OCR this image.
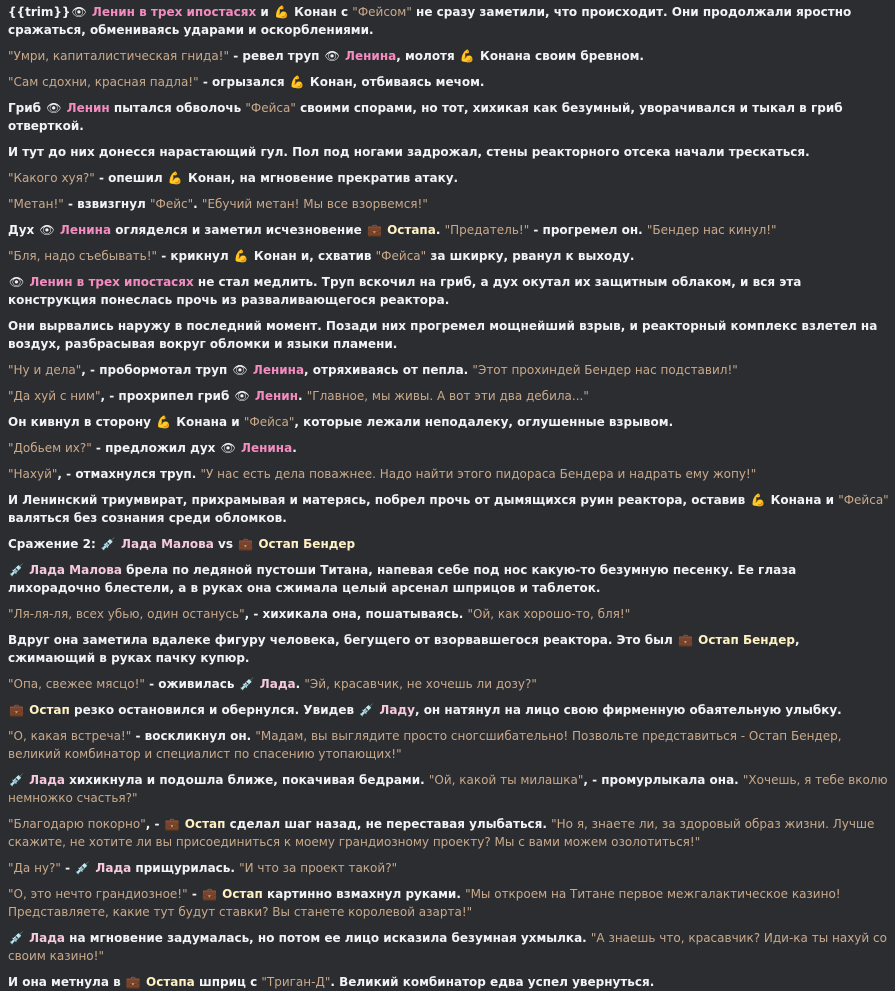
{{trim}}👁 Ленин в трех ипостасях и 💪 Конан с "Фейсом" не сразу заметили, что происходит. Они продолжали яростно сражаться, обмениваясь ударами и оскорблениями.
"Умри, капиталистическая гнида!" - ревел труп 👁 Ленина, молотя 💪 Конана своим бревном.
"Сам сдохни, красная падла!" - огрызался 💪 Конан, отбиваясь мечом.
Гриб 👁 Ленин пытался обволочь "Фейса" своими спорами, но тот, хихикая как безумный, уворачивался и тыкал в гриб отверткой.
И тут до них донесся нарастающий гул. Пол под ногами задрожал, стены реакторного отсека начали трескаться.
"Какого хуя?" - опешил 💪 Конан, на мгновение прекратив атаку.
"Метан!" - взвизгнул "Фейс". "Ебучий метан! Мы все взорвемся!"
Дух 👁 Ленина огляделся и заметил исчезновение 💼 Остапа. "Предатель!" - прогремел он. "Бендер нас кинул!"
"Бля, надо съебывать!" - крикнул 💪 Конан и, схватив "Фейса" за шкирку, рванул к выходу.
👁 Ленин в трех ипостасях не стал медлить. Труп вскочил на гриб, а дух окутал их защитным облаком, и вся эта конструкция понеслась прочь из разваливающегося реактора.
Они вырвались наружу в последний момент. Позади них прогремел мощнейший взрыв, и реакторный комплекс взлетел на воздух, разбрасывая вокруг обломки и языки пламени.
"Ну и дела", - пробормотал труп 👁 Ленина, отряхиваясь от пепла. "Этот прохиндей Бендер нас подставил!"
"Да хуй с ним", - прохрипел гриб 👁 Ленин. "Главное, мы живы. А вот эти два дебила..."
Он кивнул в сторону 💪 Конана и "Фейса", которые лежали неподалеку, оглушенные взрывом.
"Добьем их?" - предложил дух 👁 Ленина.
"Нахуй", - отмахнулся труп. "У нас есть дела поважнее. Надо найти этого пидораса Бендера и надрать ему жопу!"
И Ленинский триумвират, прихрамывая и матерясь, побрел прочь от дымящихся руин реактора, оставив 💪 Конана и "Фейса" валяться без сознания среди обломков.
Сражение 2: 💉 Лада Малова vs 💼 Остап Бендер
💉 Лада Малова брела по ледяной пустоши Титана, напевая себе под нос какую-то безумную песенку. Ее глаза лихорадочно блестели, а в руках она сжимала целый арсенал шприцов и таблеток.
"Ля-ля-ля, всех убью, один останусь", - хихикала она, пошатываясь. "Ой, как хорошо-то, бля!"
Вдруг она заметила вдалеке фигуру человека, бегущего от взорвавшегося реактора. Это был 💼 Остап Бендер, сжимающий в руках пачку купюр.
"Опа, свежее мясцо!" - оживилась 💉 Лада. "Эй, красавчик, не хочешь ли дозу?"
💼 Остап резко остановился и обернулся. Увидев 💉 Ладу, он натянул на лицо свою фирменную обаятельную улыбку.
"О, какая встреча!" - воскликнул он. "Мадам, вы выглядите просто сногсшибательно! Позвольте представиться - Остап Бендер, великий комбинатор и специалист по спасению утопающих!"
💉 Лада хихикнула и подошла ближе, покачивая бедрами. "Ой, какой ты милашка", - промурлыкала она. "Хочешь, я тебе вколю немножко счастья?"
"Благодарю покорно", - 💼 Остап сделал шаг назад, не переставая улыбаться. "Но я, знаете ли, за здоровый образ жизни. Лучше скажите, не хотите ли вы присоединиться к моему грандиозному проекту? Мы с вами можем озолотиться!"
"Да ну?" - 💉 Лада прищурилась. "И что за проект такой?"
"О, это нечто грандиозное!" - 💼 Остап картинно взмахнул руками. "Мы откроем на Титане первое межгалактическое казино! Представляете, какие тут будут ставки? Вы станете королевой азарта!"
💉 Лада на мгновение задумалась, но потом ее лицо исказила безумная ухмылка. "А знаешь что, красавчик? Иди-ка ты нахуй со своим казино!"
И она метнула в 💼 Остапа шприц с "Триган-Д". Великий комбинатор едва успел увернуться.
